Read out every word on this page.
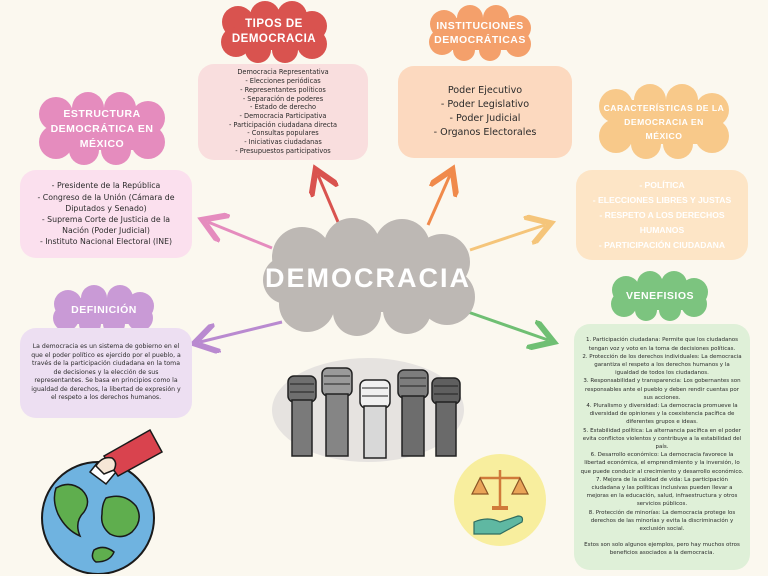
DEMOCRACIA
TIPOS DE
DEMOCRACIA
Democracia Representativa
- Elecciones periódicas
- Representantes políticos
- Separación de poderes
- Estado de derecho
- Democracia Participativa
- Participación ciudadana directa
- Consultas populares
- Iniciativas ciudadanas
- Presupuestos participativos
INSTITUCIONES
DEMOCRÁTICAS
Poder Ejecutivo
- Poder Legislativo
- Poder Judicial
- Organos Electorales
ESTRUCTURA
DEMOCRÁTICA EN
MÉXICO
- Presidente de la República
- Congreso de la Unión (Cámara de
Diputados y Senado)
- Suprema Corte de Justicia de la
Nación (Poder Judicial)
- Instituto Nacional Electoral (INE)
CARACTERÍSTICAS DE LA
DEMOCRACIA EN
MÉXICO
- POLÍTICA
- ELECCIONES LIBRES Y JUSTAS
- RESPETO A LOS DERECHOS
HUMANOS
- PARTICIPACIÓN CIUDADANA
DEFINICIÓN
La democracia es un sistema de gobierno en el
que el poder político es ejercido por el pueblo, a
través de la participación ciudadana en la toma
de decisiones y la elección de sus
representantes. Se basa en principios como la
igualdad de derechos, la libertad de expresión y
el respeto a los derechos humanos.
VENEFISIOS
1. Participación ciudadana: Permite que los ciudadanos
tengan voz y voto en la toma de decisiones políticas.
2. Protección de los derechos individuales: La democracia
garantiza el respeto a los derechos humanos y la
igualdad de todos los ciudadanos.
3. Responsabilidad y transparencia: Los gobernantes son
responsables ante el pueblo y deben rendir cuentas por
sus acciones.
4. Pluralismo y diversidad: La democracia promueve la
diversidad de opiniones y la coexistencia pacífica de
diferentes grupos e ideas.
5. Estabilidad política: La alternancia pacífica en el poder
evita conflictos violentos y contribuye a la estabilidad del
país.
6. Desarrollo económico: La democracia favorece la
libertad económica, el emprendimiento y la inversión, lo
que puede conducir al crecimiento y desarrollo económico.
7. Mejora de la calidad de vida: La participación
ciudadana y las políticas inclusivas pueden llevar a
mejoras en la educación, salud, infraestructura y otros
servicios públicos.
8. Protección de minorías: La democracia protege los
derechos de las minorías y evita la discriminación y
exclusión social.
Estos son solo algunos ejemplos, pero hay muchos otros
beneficios asociados a la democracia.
